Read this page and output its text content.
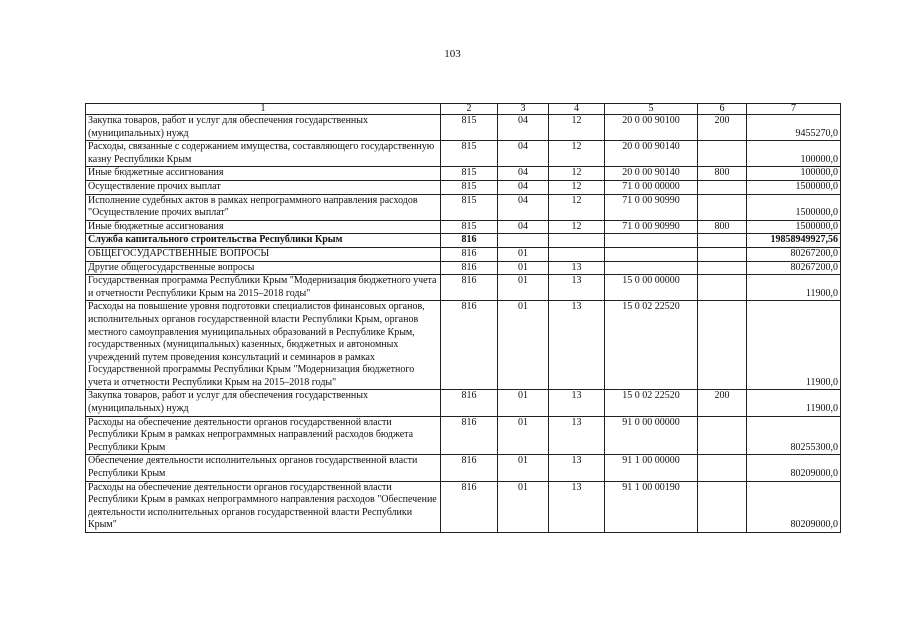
103
1	2	3	4	5	6	7
Закупка товаров, работ и услуг для обеспечения государственных (муниципальных) нужд	815	04	12	20 0 00 90100	200	9455270,0
Расходы, связанные с содержанием имущества, составляющего государственную казну Республики Крым	815	04	12	20 0 00 90140		100000,0
Иные бюджетные ассигнования	815	04	12	20 0 00 90140	800	100000,0
Осуществление прочих выплат	815	04	12	71 0 00 00000		1500000,0
Исполнение судебных актов в рамках непрограммного направления расходов "Осуществление прочих выплат"	815	04	12	71 0 00 90990		1500000,0
Иные бюджетные ассигнования	815	04	12	71 0 00 90990	800	1500000,0
Служба капитального строительства Республики Крым	816					19858949927,56
ОБЩЕГОСУДАРСТВЕННЫЕ ВОПРОСЫ	816	01				80267200,0
Другие общегосударственные вопросы	816	01	13			80267200,0
Государственная программа Республики Крым "Модернизация бюджетного учета и отчетности Республики Крым на 2015–2018 годы"	816	01	13	15 0 00 00000		11900,0
Расходы на повышение уровня подготовки специалистов финансовых органов, исполнительных органов государственной власти Республики Крым, органов местного самоуправления муниципальных образований в Республике Крым, государственных (муниципальных) казенных, бюджетных и автономных учреждений путем проведения консультаций и семинаров в рамках Государственной программы Республики Крым "Модернизация бюджетного учета и отчетности Республики Крым на 2015–2018 годы"	816	01	13	15 0 02 22520		11900,0
Закупка товаров, работ и услуг для обеспечения государственных (муниципальных) нужд	816	01	13	15 0 02 22520	200	11900,0
Расходы на обеспечение деятельности органов государственной власти Республики Крым в рамках непрограммных направлений расходов бюджета Республики Крым	816	01	13	91 0 00 00000		80255300,0
Обеспечение деятельности исполнительных органов государственной власти Республики Крым	816	01	13	91 1 00 00000		80209000,0
Расходы на обеспечение деятельности органов государственной власти Республики Крым в рамках непрограммного направления расходов "Обеспечение деятельности исполнительных органов государственной власти Республики Крым"	816	01	13	91 1 00 00190		80209000,0
